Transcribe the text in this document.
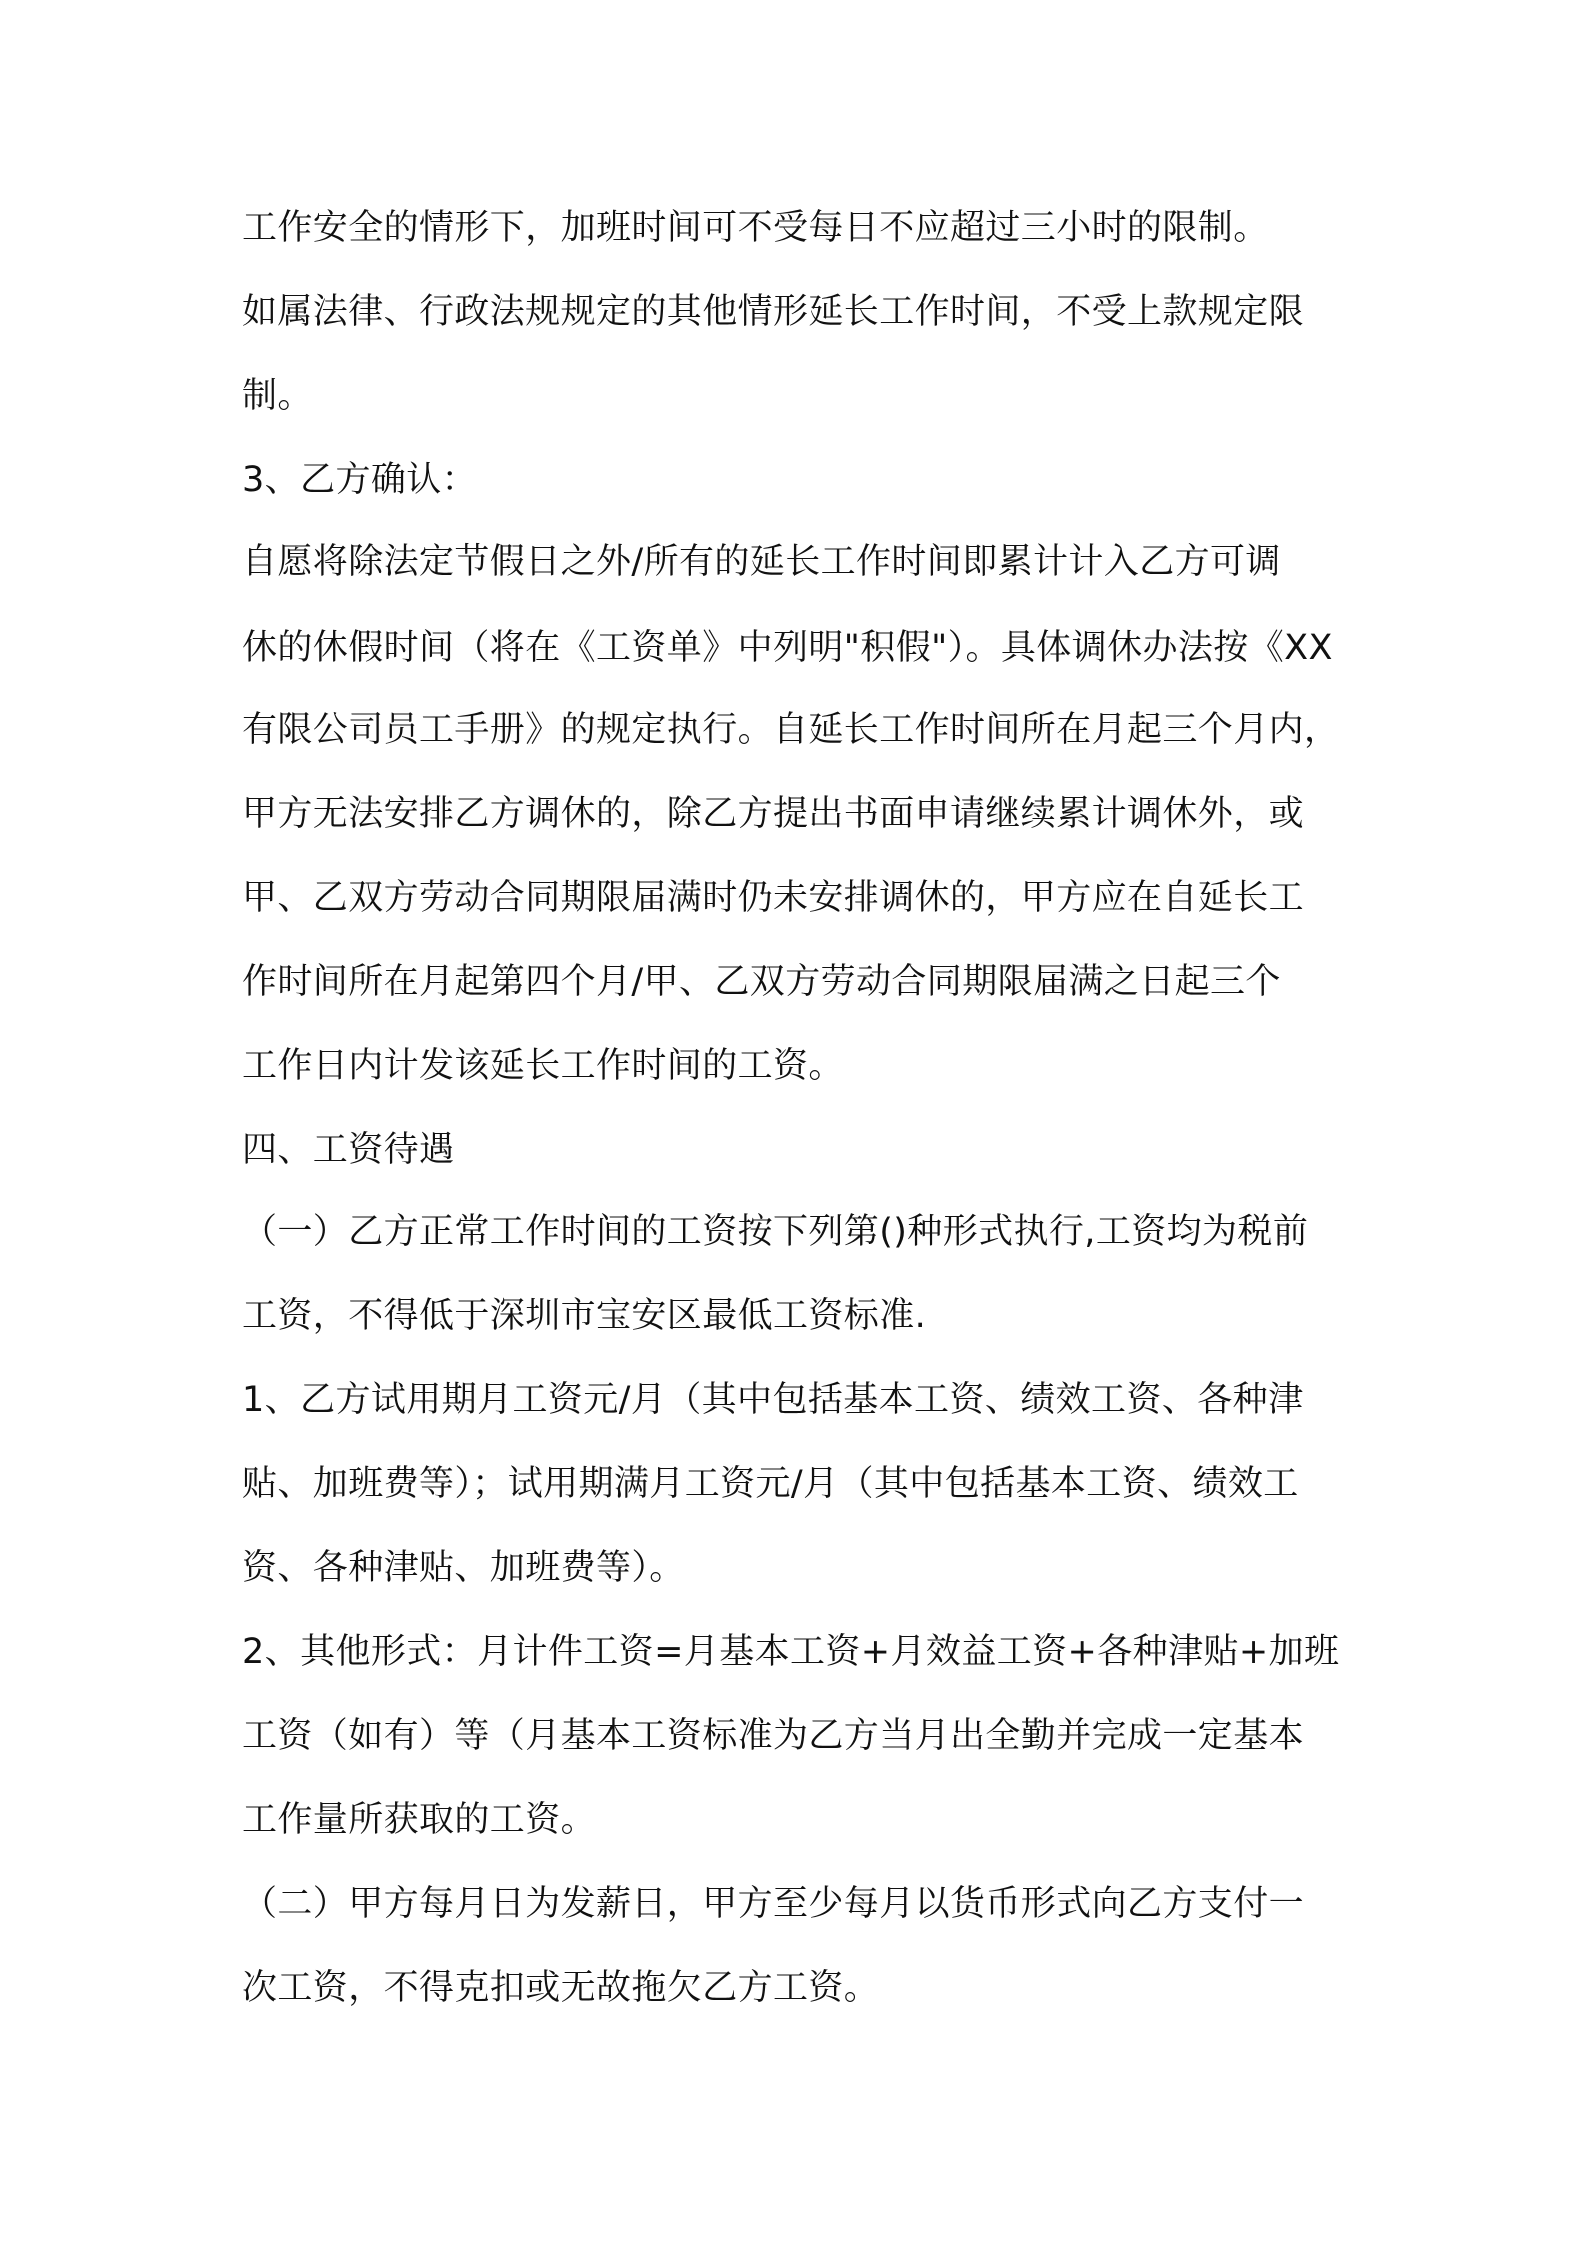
工作安全的情形下，加班时间可不受每日不应超过三小时的限制。
如属法律、行政法规规定的其他情形延长工作时间，不受上款规定限
制。
3、乙方确认：
自愿将除法定节假日之外/所有的延长工作时间即累计计入乙方可调
休的休假时间（将在《工资单》中列明"积假"）。具体调休办法按《XX
有限公司员工手册》的规定执行。自延长工作时间所在月起三个月内，
甲方无法安排乙方调休的，除乙方提出书面申请继续累计调休外，或
甲、乙双方劳动合同期限届满时仍未安排调休的，甲方应在自延长工
作时间所在月起第四个月/甲、乙双方劳动合同期限届满之日起三个
工作日内计发该延长工作时间的工资。
四、工资待遇
（一）乙方正常工作时间的工资按下列第()种形式执行,工资均为税前
工资，不得低于深圳市宝安区最低工资标准.
1、乙方试用期月工资元/月（其中包括基本工资、绩效工资、各种津
贴、加班费等）；试用期满月工资元/月（其中包括基本工资、绩效工
资、各种津贴、加班费等）。
2、其他形式：月计件工资=月基本工资+月效益工资+各种津贴+加班
工资（如有）等（月基本工资标准为乙方当月出全勤并完成一定基本
工作量所获取的工资。
（二）甲方每月日为发薪日，甲方至少每月以货币形式向乙方支付一
次工资，不得克扣或无故拖欠乙方工资。
